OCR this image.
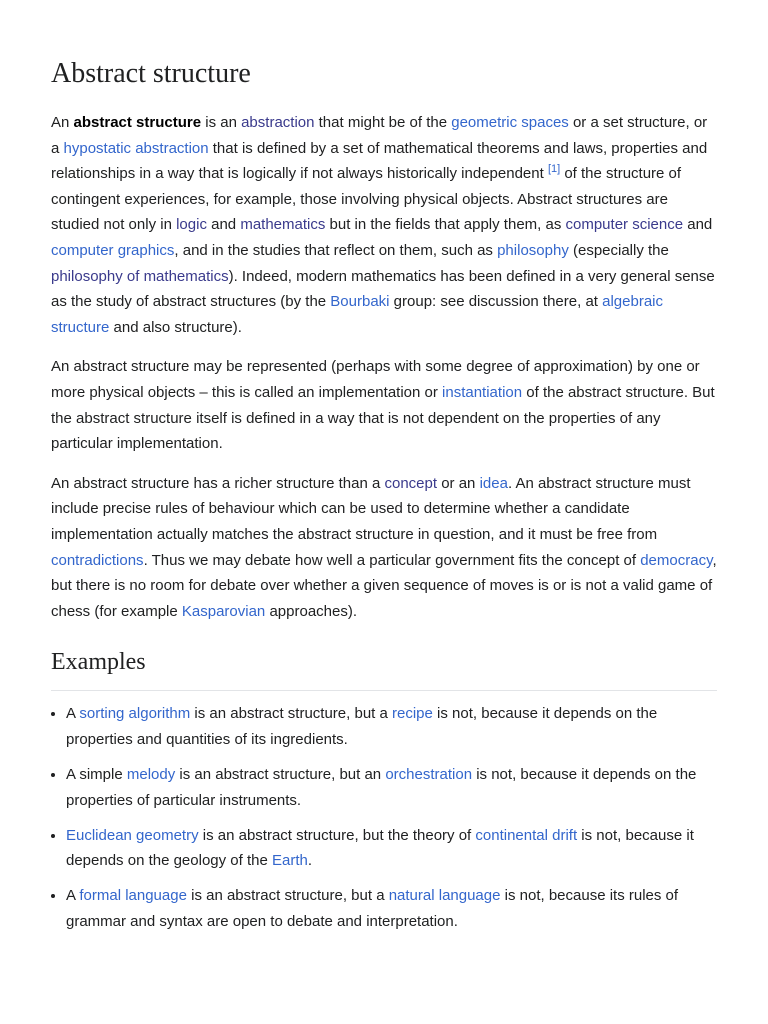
Abstract structure

An abstract structure is an abstraction that might be of the geometric spaces or a set structure, or a hypostatic abstraction that is defined by a set of mathematical theorems and laws, properties and relationships in a way that is logically if not always historically independent [1] of the structure of contingent experiences, for example, those involving physical objects. Abstract structures are studied not only in logic and mathematics but in the fields that apply them, as computer science and computer graphics, and in the studies that reflect on them, such as philosophy (especially the philosophy of mathematics). Indeed, modern mathematics has been defined in a very general sense as the study of abstract structures (by the Bourbaki group: see discussion there, at algebraic structure and also structure).

An abstract structure may be represented (perhaps with some degree of approximation) by one or more physical objects – this is called an implementation or instantiation of the abstract structure. But the abstract structure itself is defined in a way that is not dependent on the properties of any particular implementation.

An abstract structure has a richer structure than a concept or an idea. An abstract structure must include precise rules of behaviour which can be used to determine whether a candidate implementation actually matches the abstract structure in question, and it must be free from contradictions. Thus we may debate how well a particular government fits the concept of democracy, but there is no room for debate over whether a given sequence of moves is or is not a valid game of chess (for example Kasparovian approaches).

Examples
• A sorting algorithm is an abstract structure, but a recipe is not, because it depends on the properties and quantities of its ingredients.
• A simple melody is an abstract structure, but an orchestration is not, because it depends on the properties of particular instruments.
• Euclidean geometry is an abstract structure, but the theory of continental drift is not, because it depends on the geology of the Earth.
• A formal language is an abstract structure, but a natural language is not, because its rules of grammar and syntax are open to debate and interpretation.
